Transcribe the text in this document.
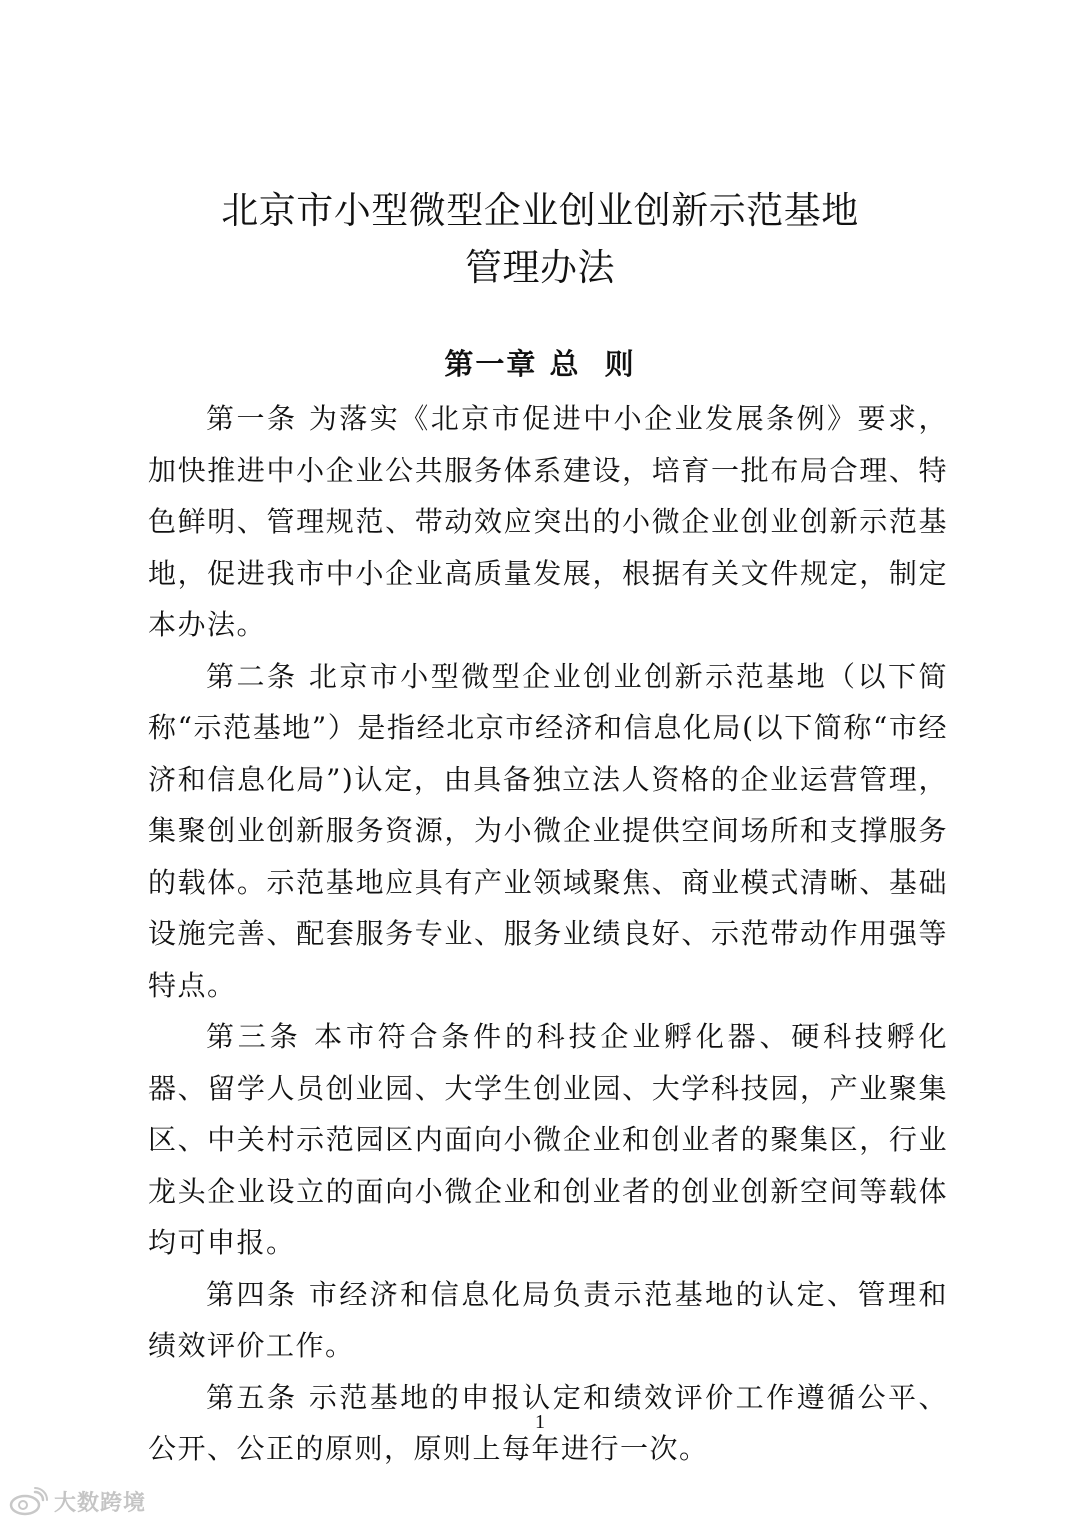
北京市小型微型企业创业创新示范基地
管理办法
第一章 总  则

第一条 为落实《北京市促进中小企业发展条例》要求，加快推进中小企业公共服务体系建设，培育一批布局合理、特色鲜明、管理规范、带动效应突出的小微企业创业创新示范基地，促进我市中小企业高质量发展，根据有关文件规定，制定本办法。

第二条 北京市小型微型企业创业创新示范基地（以下简称“示范基地”）是指经北京市经济和信息化局(以下简称“市经济和信息化局”)认定，由具备独立法人资格的企业运营管理，集聚创业创新服务资源，为小微企业提供空间场所和支撑服务的载体。示范基地应具有产业领域聚焦、商业模式清晰、基础设施完善、配套服务专业、服务业绩良好、示范带动作用强等特点。

第三条 本市符合条件的科技企业孵化器、硬科技孵化器、留学人员创业园、大学生创业园、大学科技园，产业聚集区、中关村示范园区内面向小微企业和创业者的聚集区，行业龙头企业设立的面向小微企业和创业者的创业创新空间等载体均可申报。

第四条 市经济和信息化局负责示范基地的认定、管理和绩效评价工作。

第五条 示范基地的申报认定和绩效评价工作遵循公平、公开、公正的原则，原则上每年进行一次。

1
大数跨境
